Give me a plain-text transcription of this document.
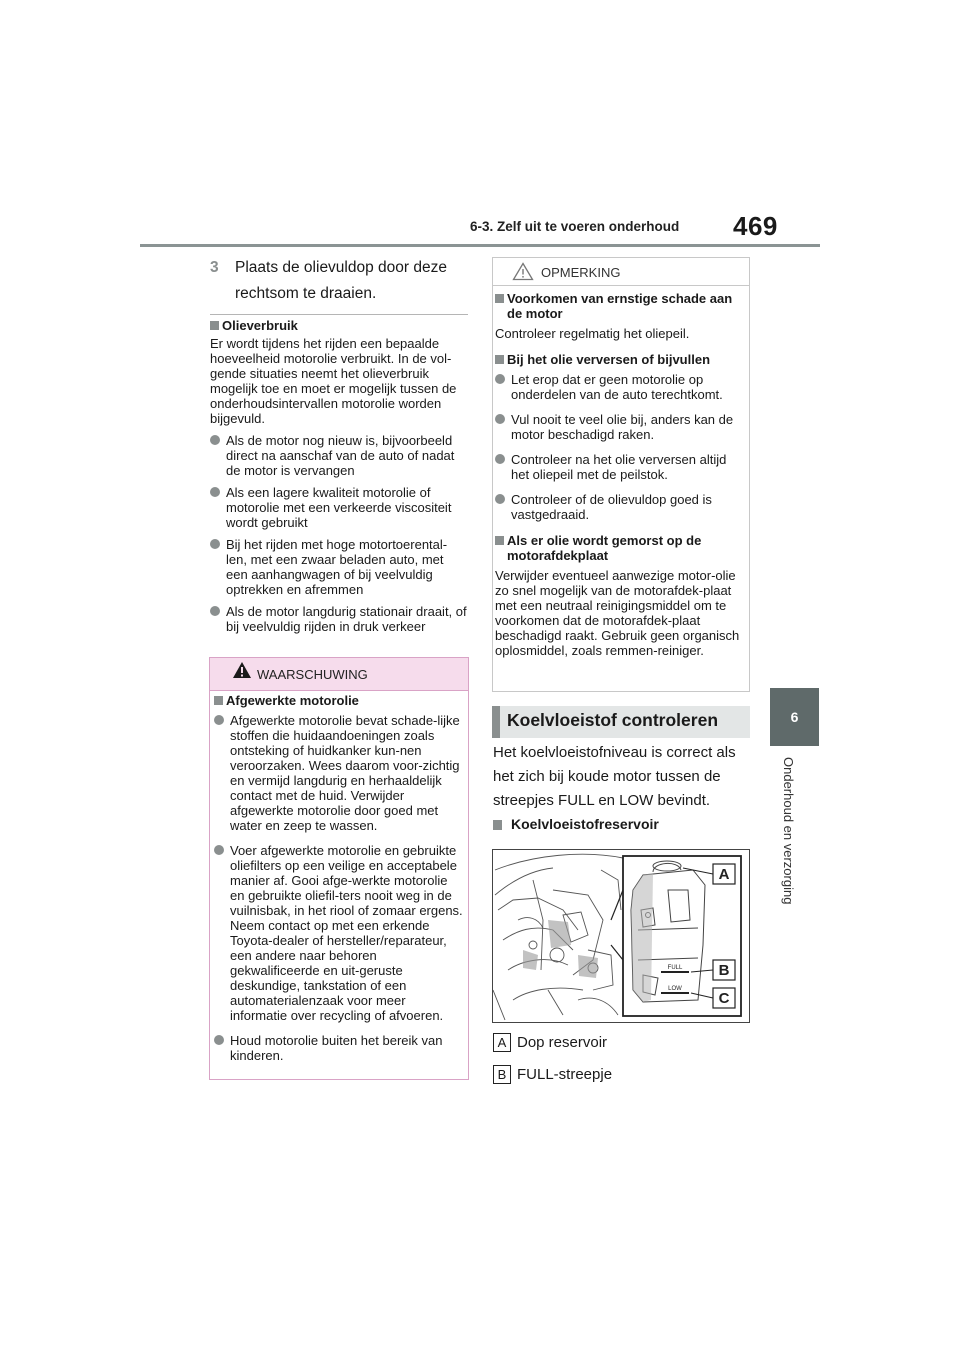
6-3. Zelf uit te voeren onderhoud 469
6
Onderhoud en verzorging
3	Plaats de olievuldop door deze rechtsom te draaien.
Olieverbruik
Er wordt tijdens het rijden een bepaalde hoeveelheid motorolie verbruikt. In de vol-gende situaties neemt het olieverbruik mogelijk toe en moet er mogelijk tussen de onderhoudsintervallen motorolie worden bijgevuld.
Als de motor nog nieuw is, bijvoorbeeld direct na aanschaf van de auto of nadat de motor is vervangen
Als een lagere kwaliteit motorolie of motorolie met een verkeerde viscositeit wordt gebruikt
Bij het rijden met hoge motortoerental-len, met een zwaar beladen auto, met een aanhangwagen of bij veelvuldig optrekken en afremmen
Als de motor langdurig stationair draait, of bij veelvuldig rijden in druk verkeer
WAARSCHUWING
Afgewerkte motorolie
Afgewerkte motorolie bevat schade-lijke stoffen die huidaandoeningen zoals ontsteking of huidkanker kun-nen veroorzaken. Wees daarom voor-zichtig en vermijd langdurig en herhaaldelijk contact met de huid. Verwijder afgewerkte motorolie door goed met water en zeep te wassen.
Voer afgewerkte motorolie en gebruikte oliefilters op een veilige en acceptabele manier af. Gooi afge-werkte motorolie en gebruikte oliefil-ters nooit weg in de vuilnisbak, in het riool of zomaar ergens. Neem contact op met een erkende Toyota-dealer of hersteller/reparateur, een andere naar behoren gekwalificeerde en uit-geruste deskundige, tankstation of een automaterialenzaak voor meer informatie over recycling of afvoeren.
Houd motorolie buiten het bereik van kinderen.
OPMERKING
Voorkomen van ernstige schade aan de motor
Controleer regelmatig het oliepeil.
Bij het olie verversen of bijvullen
Let erop dat er geen motorolie op onderdelen van de auto terechtkomt.
Vul nooit te veel olie bij, anders kan de motor beschadigd raken.
Controleer na het olie verversen altijd het oliepeil met de peilstok.
Controleer of de olievuldop goed is vastgedraaid.
Als er olie wordt gemorst op de motorafdekplaat
Verwijder eventueel aanwezige motor-olie zo snel mogelijk van de motorafdek-plaat met een neutraal reinigingsmiddel om te voorkomen dat de motorafdek-plaat beschadigd raakt. Gebruik geen organisch oplosmiddel, zoals remmen-reiniger.
Koelvloeistof controleren
Het koelvloeistofniveau is correct als het zich bij koude motor tussen de streepjes FULL en LOW bevindt.
Koelvloeistofreservoir
FULL
LOW
A
B
C
A Dop reservoir
B FULL-streepje
